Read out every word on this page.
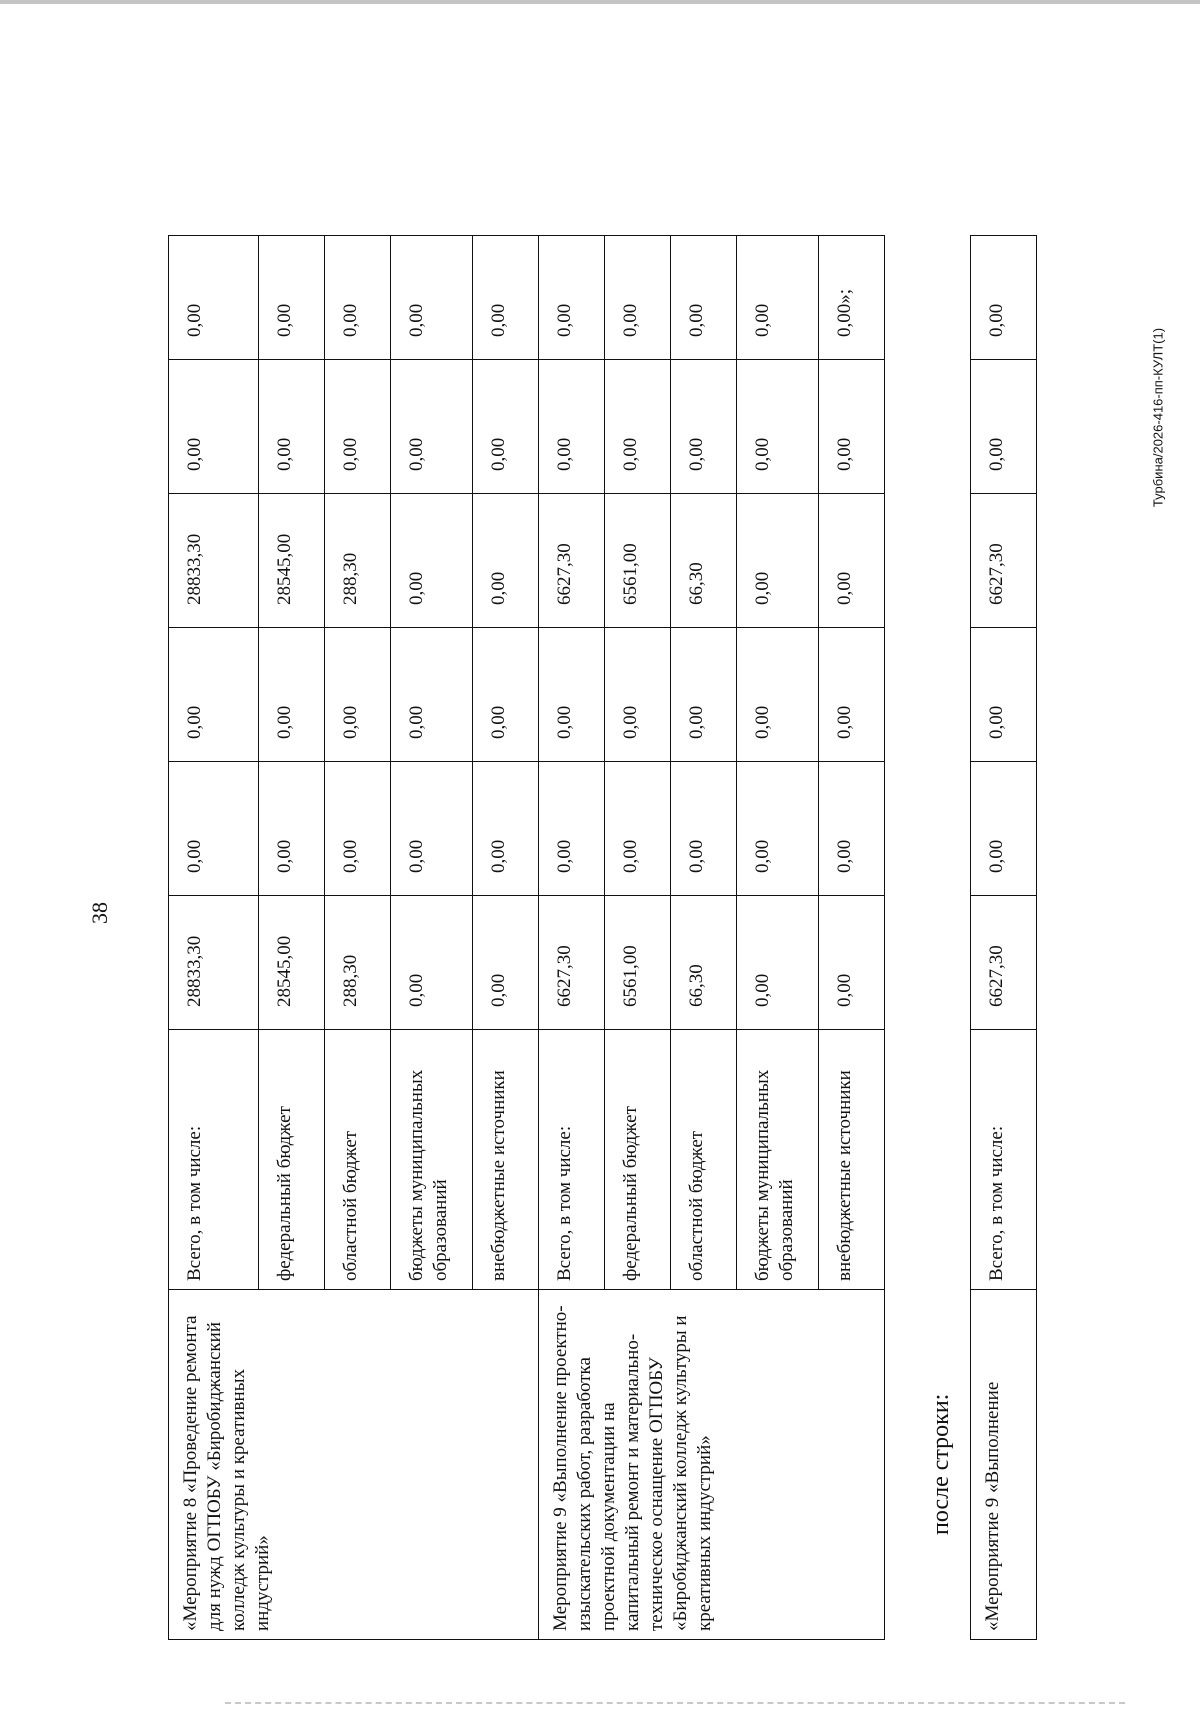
38
Турбина/2026-416-пп-КУЛТ(1)
«Мероприятие 8 «Проведение ремонта для нужд ОГПОБУ «Биробиджанский колледж культуры и креативных индустрий»	Всего, в том числе:	28833,30	0,00	0,00	28833,30	0,00	0,00
	федеральный бюджет	28545,00	0,00	0,00	28545,00	0,00	0,00
	областной бюджет	288,30	0,00	0,00	288,30	0,00	0,00
	бюджеты муниципальных образований	0,00	0,00	0,00	0,00	0,00	0,00
	внебюджетные источники	0,00	0,00	0,00	0,00	0,00	0,00
Мероприятие 9 «Выполнение проектно-изыскательских работ, разработка проектной документации на капитальный ремонт и материально-техническое оснащение ОГПОБУ «Биробиджанский колледж культуры и креативных индустрий»	Всего, в том числе:	6627,30	0,00	0,00	6627,30	0,00	0,00
	федеральный бюджет	6561,00	0,00	0,00	6561,00	0,00	0,00
	областной бюджет	66,30	0,00	0,00	66,30	0,00	0,00
	бюджеты муниципальных образований	0,00	0,00	0,00	0,00	0,00	0,00
	внебюджетные источники	0,00	0,00	0,00	0,00	0,00	0,00»;
после строки: «Мероприятие 9 «Выполнение	Всего, в том числе:	6627,30	0,00	0,00	6627,30	0,00	0,00
